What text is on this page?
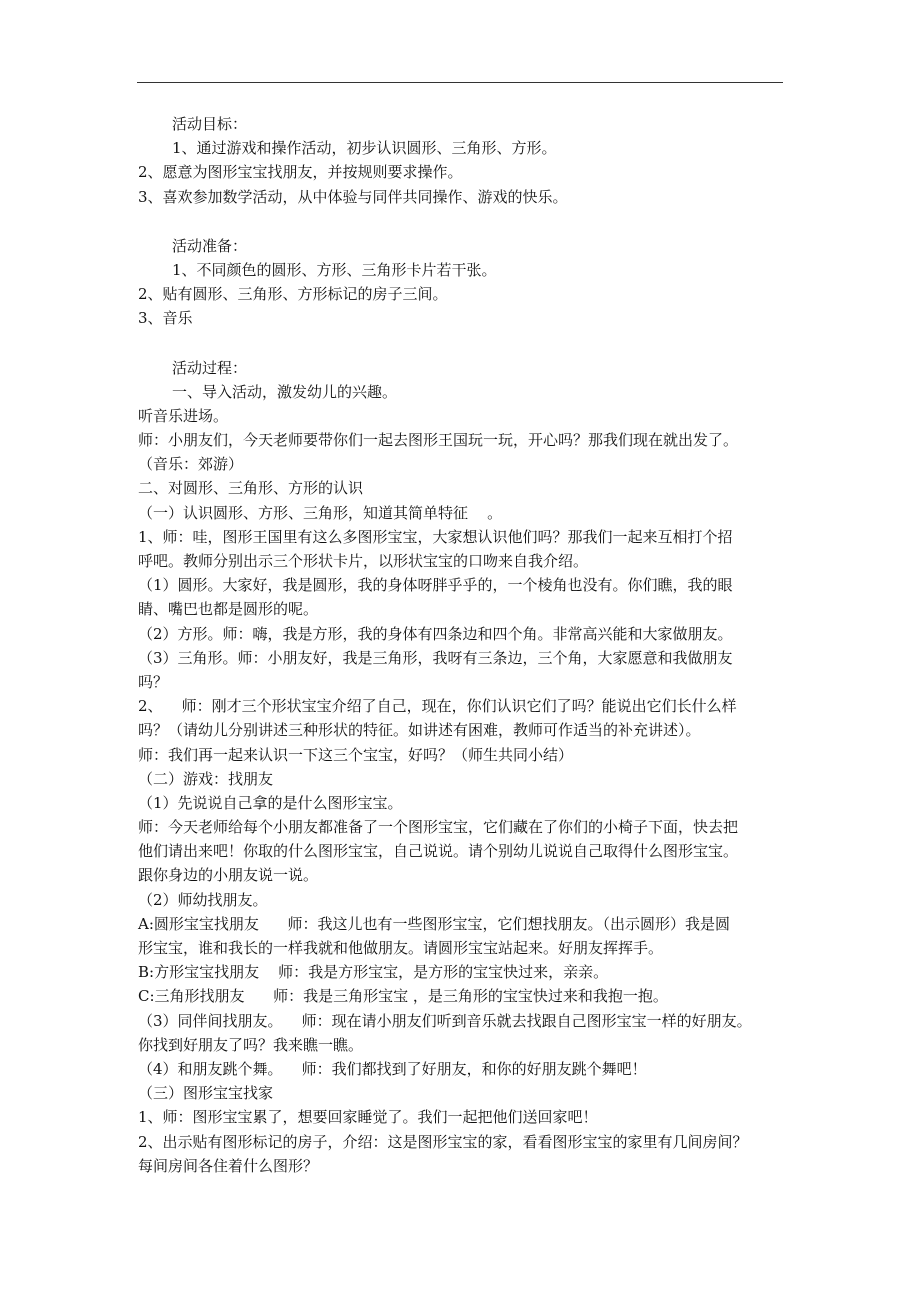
活动目标：
1、通过游戏和操作活动，初步认识圆形、三角形、方形。
2、愿意为图形宝宝找朋友，并按规则要求操作。
3、喜欢参加数学活动，从中体验与同伴共同操作、游戏的快乐。
活动准备：
1、不同颜色的圆形、方形、三角形卡片若干张。
2、贴有圆形、三角形、方形标记的房子三间。
3、音乐
活动过程：
一、导入活动，激发幼儿的兴趣。
听音乐进场。
师：小朋友们，今天老师要带你们一起去图形王国玩一玩，开心吗？那我们现在就出发了。
（音乐：郊游）
二、对圆形、三角形、方形的认识
（一）认识圆形、方形、三角形，知道其简单特征    。
1、师：哇，图形王国里有这么多图形宝宝，大家想认识他们吗？那我们一起来互相打个招
呼吧。教师分别出示三个形状卡片，以形状宝宝的口吻来自我介绍。
（1）圆形。大家好，我是圆形，我的身体呀胖乎乎的，一个棱角也没有。你们瞧，我的眼
睛、嘴巴也都是圆形的呢。
（2）方形。师：嗨，我是方形，我的身体有四条边和四个角。非常高兴能和大家做朋友。
（3）三角形。师：小朋友好，我是三角形，我呀有三条边，三个角，大家愿意和我做朋友
吗？
2、    师：刚才三个形状宝宝介绍了自己，现在，你们认识它们了吗？能说出它们长什么样
吗？（请幼儿分别讲述三种形状的特征。如讲述有困难，教师可作适当的补充讲述）。
师：我们再一起来认识一下这三个宝宝，好吗？（师生共同小结）
（二）游戏：找朋友
（1）先说说自己拿的是什么图形宝宝。
师：今天老师给每个小朋友都准备了一个图形宝宝，它们藏在了你们的小椅子下面，快去把
他们请出来吧！你取的什么图形宝宝，自己说说。请个别幼儿说说自己取得什么图形宝宝。
跟你身边的小朋友说一说。
（2）师幼找朋友。
A:圆形宝宝找朋友      师：我这儿也有一些图形宝宝，它们想找朋友。（出示圆形）我是圆
形宝宝，谁和我长的一样我就和他做朋友。请圆形宝宝站起来。好朋友挥挥手。
B:方形宝宝找朋友    师：我是方形宝宝，是方形的宝宝快过来，亲亲。
C:三角形找朋友      师：我是三角形宝宝 ，是三角形的宝宝快过来和我抱一抱。
（3）同伴间找朋友。    师：现在请小朋友们听到音乐就去找跟自己图形宝宝一样的好朋友。
你找到好朋友了吗？我来瞧一瞧。
（4）和朋友跳个舞。    师：我们都找到了好朋友，和你的好朋友跳个舞吧！
（三）图形宝宝找家
1、师：图形宝宝累了，想要回家睡觉了。我们一起把他们送回家吧！
2、出示贴有图形标记的房子，介绍：这是图形宝宝的家，看看图形宝宝的家里有几间房间？
每间房间各住着什么图形？
